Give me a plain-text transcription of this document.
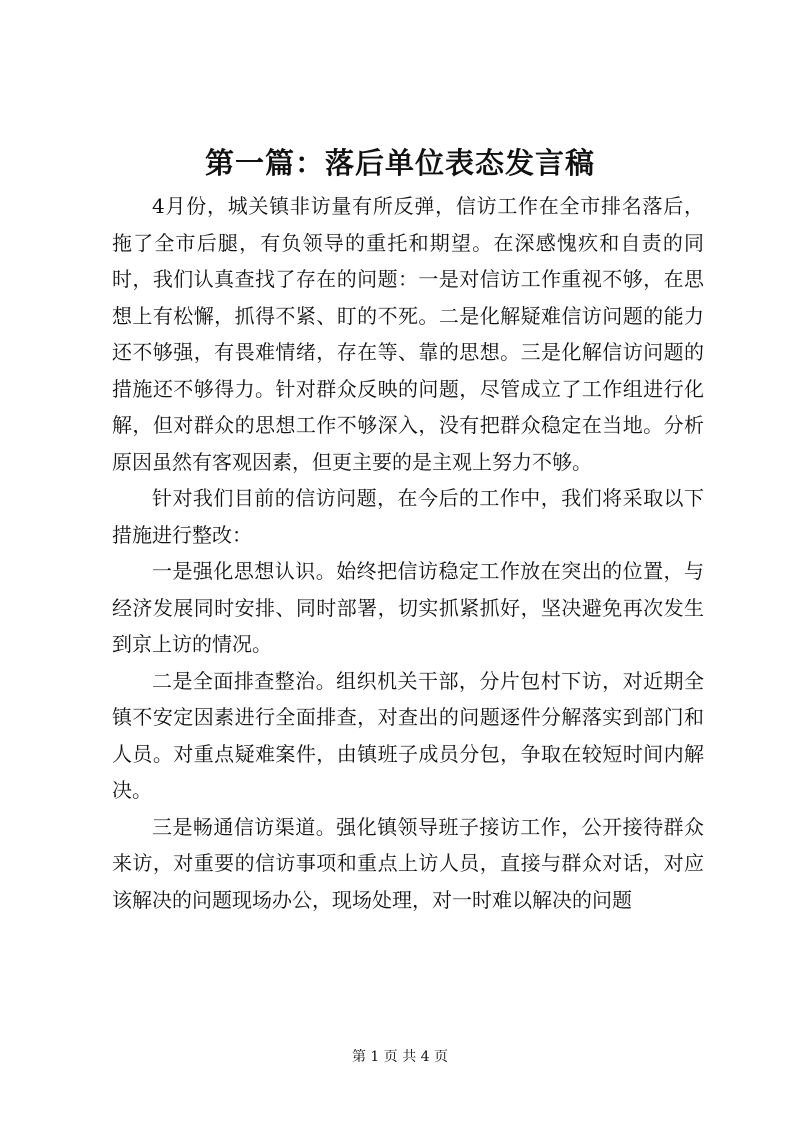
第一篇：落后单位表态发言稿

4月份，城关镇非访量有所反弹，信访工作在全市排名落后，拖了全市后腿，有负领导的重托和期望。在深感愧疚和自责的同时，我们认真查找了存在的问题：一是对信访工作重视不够，在思想上有松懈，抓得不紧、盯的不死。二是化解疑难信访问题的能力还不够强，有畏难情绪，存在等、靠的思想。三是化解信访问题的措施还不够得力。针对群众反映的问题，尽管成立了工作组进行化解，但对群众的思想工作不够深入，没有把群众稳定在当地。分析原因虽然有客观因素，但更主要的是主观上努力不够。

针对我们目前的信访问题，在今后的工作中，我们将采取以下措施进行整改：

一是强化思想认识。始终把信访稳定工作放在突出的位置，与经济发展同时安排、同时部署，切实抓紧抓好，坚决避免再次发生到京上访的情况。

二是全面排查整治。组织机关干部，分片包村下访，对近期全镇不安定因素进行全面排查，对查出的问题逐件分解落实到部门和人员。对重点疑难案件，由镇班子成员分包，争取在较短时间内解决。

三是畅通信访渠道。强化镇领导班子接访工作，公开接待群众来访，对重要的信访事项和重点上访人员，直接与群众对话，对应该解决的问题现场办公，现场处理，对一时难以解决的问题

第 1 页 共 4 页
